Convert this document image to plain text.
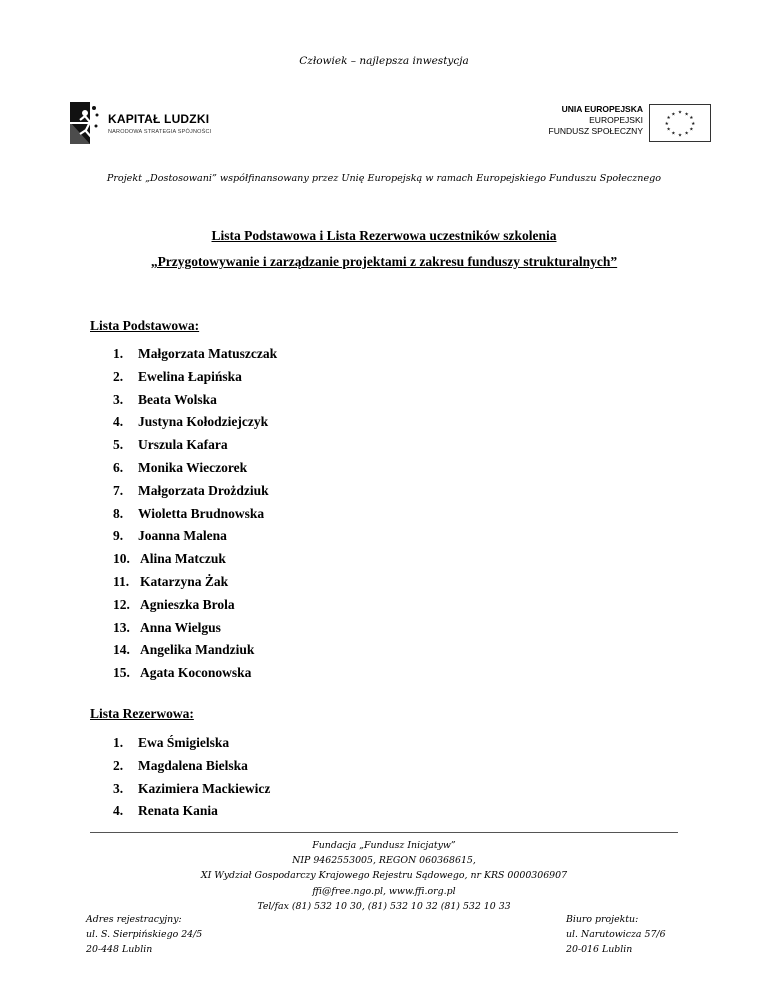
Człowiek – najlepsza inwestycja
KAPITAŁ LUDZKI
NARODOWA STRATEGIA SPÓJNOŚCI
UNIA EUROPEJSKA
EUROPEJSKI
FUNDUSZ SPOŁECZNY
★ ★
★
★
★
★
★
★
★
★
★
★
Projekt „Dostosowani” współfinansowany przez Unię Europejską w ramach Europejskiego Funduszu Społecznego
Lista Podstawowa i Lista Rezerwowa uczestników szkolenia
„Przygotowywanie i zarządzanie projektami z zakresu funduszy strukturalnych”
Lista Podstawowa:
1. Małgorzata Matuszczak
2. Ewelina Łapińska
3. Beata Wolska
4. Justyna Kołodziejczyk
5. Urszula Kafara
6. Monika Wieczorek
7. Małgorzata Drożdziuk
8. Wioletta Brudnowska
9. Joanna Malena
10. Alina Matczuk
11. Katarzyna Żak
12. Agnieszka Brola
13. Anna Wielgus
14. Angelika Mandziuk
15. Agata Koconowska
Lista Rezerwowa:
1. Ewa Śmigielska
2. Magdalena Bielska
3. Kazimiera Mackiewicz
4. Renata Kania
Fundacja „Fundusz Inicjatyw”
NIP 9462553005, REGON 060368615,
XI Wydział Gospodarczy Krajowego Rejestru Sądowego, nr KRS 0000306907
ffi@free.ngo.pl, www.ffi.org.pl
Tel/fax (81) 532 10 30, (81) 532 10 32 (81) 532 10 33
Adres rejestracyjny:
ul. S. Sierpińskiego 24/5
20-448 Lublin
Biuro projektu:
ul. Narutowicza 57/6
20-016 Lublin
